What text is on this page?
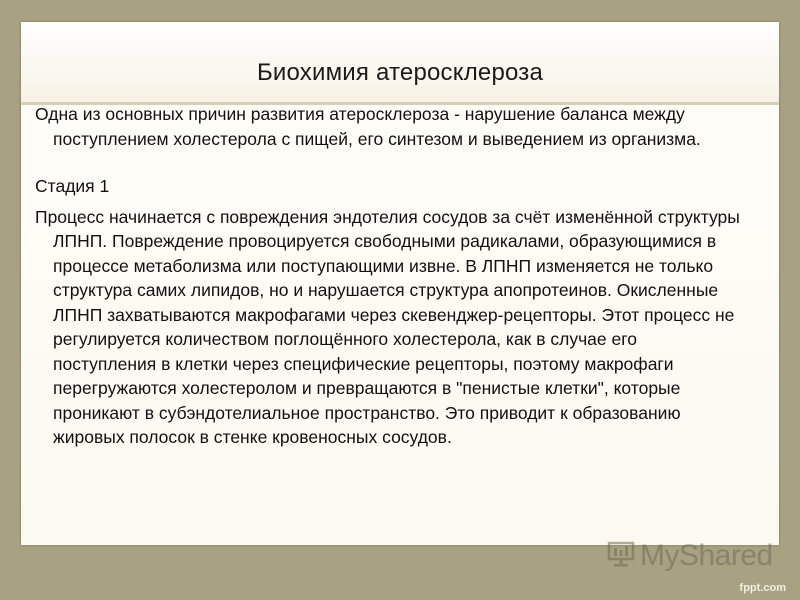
Биохимия атеросклероза

Одна из основных причин развития атеросклероза - нарушение баланса между поступлением холестерола с пищей, его синтезом и выведением из организма.

Стадия 1

Процесс начинается с повреждения эндотелия сосудов за счёт изменённой структуры ЛПНП. Повреждение провоцируется свободными радикалами, образующимися в процессе метаболизма или поступающими извне. В ЛПНП изменяется не только структура самих липидов, но и нарушается структура апопротеинов. Окисленные ЛПНП захватываются макрофагами через скевенджер-рецепторы. Этот процесс не регулируется количеством поглощённого холестерола, как в случае его поступления в клетки через специфические рецепторы, поэтому макрофаги перегружаются холестеролом и превращаются в "пенистые клетки", которые проникают в субэндотелиальное пространство. Это приводит к образованию жировых полосок в стенке кровеносных сосудов.

MyShared
fppt.com
